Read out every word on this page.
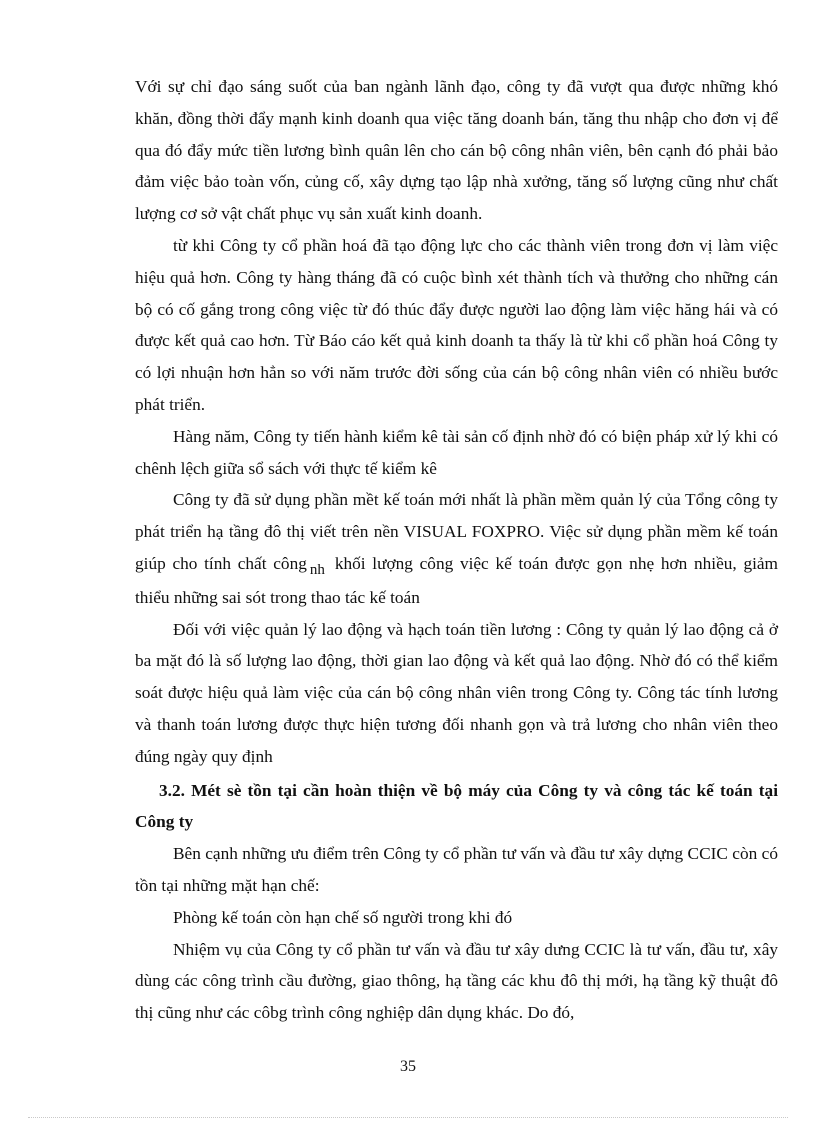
Với sự chỉ đạo sáng suốt của ban ngành lãnh đạo, công ty đã vượt qua được những khó khăn, đồng thời đẩy mạnh kinh doanh qua việc tăng doanh bán, tăng thu nhập cho đơn vị để qua đó đẩy mức tiền lương bình quân lên cho cán bộ công nhân viên, bên cạnh đó phải bảo đảm việc bảo toàn vốn, củng cố, xây dựng tạo lập nhà xưởng, tăng số lượng cũng như chất lượng cơ sở vật chất phục vụ sản xuất kinh doanh.

từ khi Công ty cổ phần hoá đã tạo động lực cho các thành viên trong đơn vị làm việc hiệu quả hơn. Công ty hàng tháng đã có cuộc bình xét thành tích và thưởng cho những cán bộ có cố gắng trong công việc từ đó thúc đẩy được người lao động làm việc hăng hái và có được kết quả cao hơn. Từ Báo cáo kết quả kinh doanh ta thấy là từ khi cổ phần hoá Công ty có lợi nhuận hơn hẳn so với năm trước đời sống của cán bộ công nhân viên có nhiều bước phát triển.

Hàng năm, Công ty tiến hành kiểm kê tài sản cố định nhờ đó có biện pháp xử lý khi có chênh lệch giữa sổ sách với thực tế kiểm kê

Công ty đã sử dụng phần mềt kế toán mới nhất là phần mềm quản lý của Tổng công ty phát triển hạ tầng đô thị viết trên nền VISUAL FOXPRO. Việc sử dụng phần mềm kế toán giúp cho tính chất công nh khối lượng công việc kế toán được gọn nhẹ hơn nhiều, giảm thiểu những sai sót trong thao tác kế toán

Đối với việc quản lý lao động và hạch toán tiền lương : Công ty quản lý lao động cả ở ba mặt đó là số lượng lao động, thời gian lao động và kết quả lao động. Nhờ đó có thể kiểm soát được hiệu quả làm việc của cán bộ công nhân viên trong Công ty. Công tác tính lương và thanh toán lương được thực hiện tương đối nhanh gọn và trả lương cho nhân viên theo đúng ngày quy định

3.2. Mét sè tồn tại cần hoàn thiện về bộ máy của Công ty và công tác kế toán tại Công ty

Bên cạnh những ưu điểm trên Công ty cổ phần tư vấn và đầu tư xây dựng CCIC còn có tồn tại những mặt hạn chế:

Phòng kế toán còn hạn chế số người trong khi đó

Nhiệm vụ của Công ty cổ phần tư vấn và đầu tư xây dưng CCIC là tư vấn, đầu tư, xây dùng các công trình cầu đường, giao thông, hạ tầng các khu đô thị mới, hạ tầng kỹ thuật đô thị cũng như các côbg trình công nghiệp dân dụng khác. Do đó,

35
